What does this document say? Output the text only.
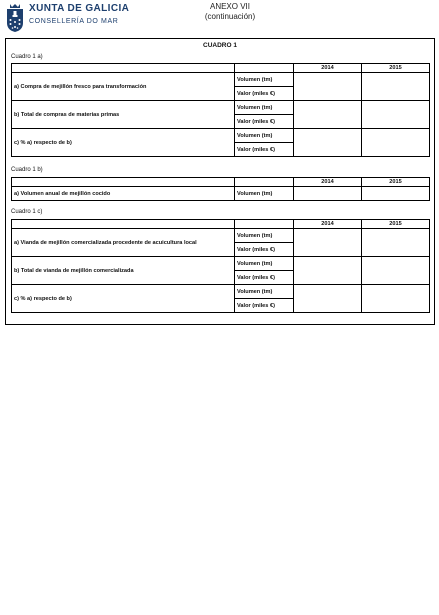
XUNTA DE GALICIA
CONSELLERÍA DO MAR
ANEXO VII
(continuación)
CUADRO 1
Cuadro 1 a)
		2014	2015
a) Compra de mejillón fresco para transformación	Volumen (tm)		
	Valor (miles €)		
b) Total de compras de materias primas	Volumen (tm)		
	Valor (miles €)		
c) % a) respecto de b)	Volumen (tm)		
	Valor (miles €)		
Cuadro 1 b)
		2014	2015
a) Volumen anual de mejillón cocido	Volumen (tm)		
Cuadro 1 c)
		2014	2015
a) Vianda de mejillón comercializada procedente de acuicultura local	Volumen (tm)		
	Valor (miles €)		
b) Total de vianda de mejillón comercializada	Volumen (tm)		
	Valor (miles €)		
c) % a) respecto de b)	Volumen (tm)		
	Valor (miles €)		
